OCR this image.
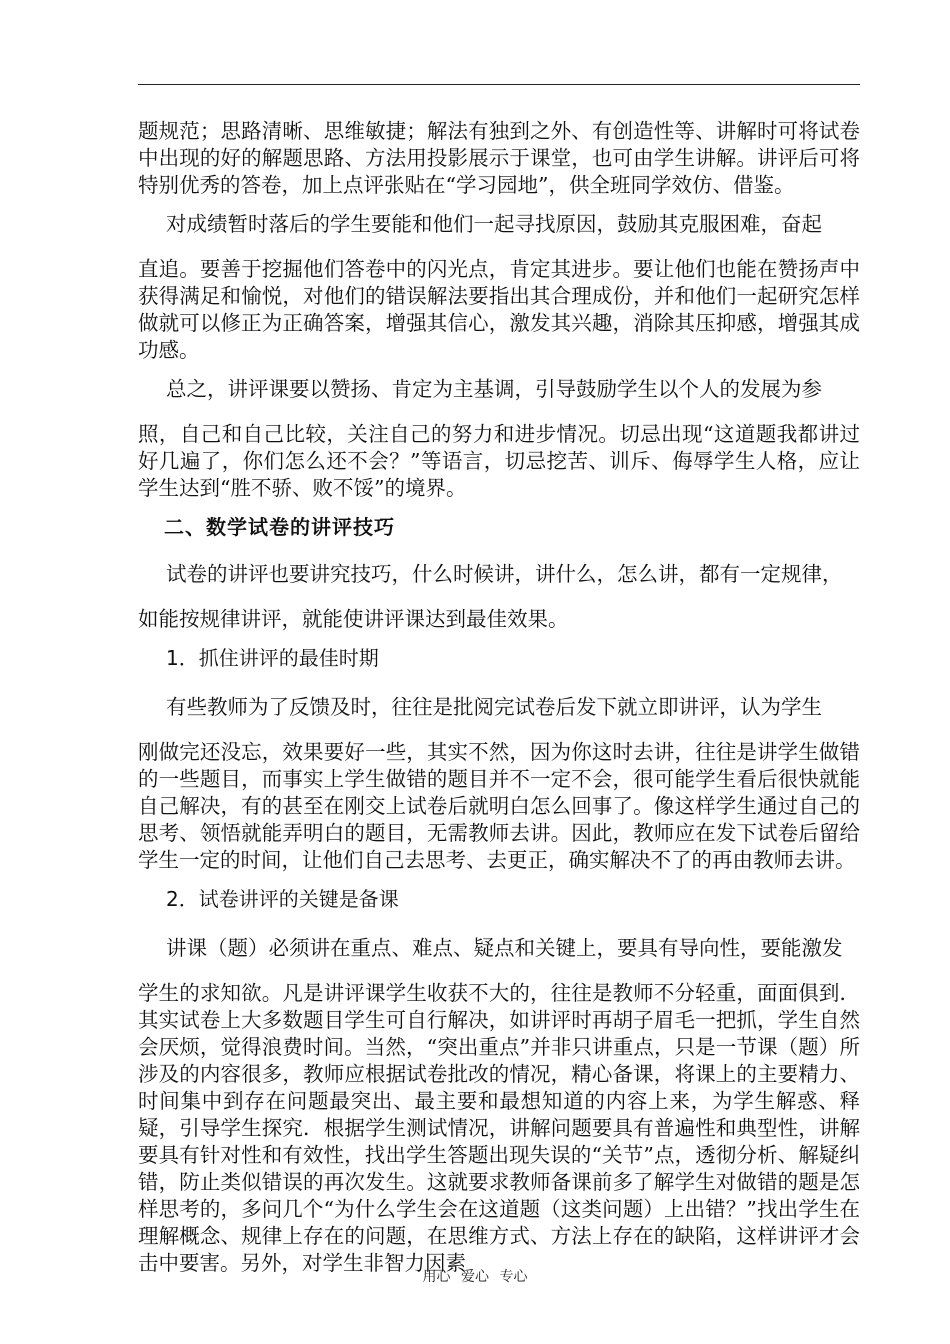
题规范；思路清晰、思维敏捷；解法有独到之外、有创造性等、讲解时可将试卷中出现的好的解题思路、方法用投影展示于课堂，也可由学生讲解。讲评后可将特别优秀的答卷，加上点评张贴在“学习园地”，供全班同学效仿、借鉴。

对成绩暂时落后的学生要能和他们一起寻找原因，鼓励其克服困难，奋起

直追。要善于挖掘他们答卷中的闪光点，肯定其进步。要让他们也能在赞扬声中获得满足和愉悦，对他们的错误解法要指出其合理成份，并和他们一起研究怎样做就可以修正为正确答案，增强其信心，激发其兴趣，消除其压抑感，增强其成功感。

总之，讲评课要以赞扬、肯定为主基调，引导鼓励学生以个人的发展为参

照，自己和自己比较，关注自己的努力和进步情况。切忌出现“这道题我都讲过好几遍了，你们怎么还不会？”等语言，切忌挖苦、训斥、侮辱学生人格，应让学生达到“胜不骄、败不馁”的境界。

二、数学试卷的讲评技巧

试卷的讲评也要讲究技巧，什么时候讲，讲什么，怎么讲，都有一定规律，

如能按规律讲评，就能使讲评课达到最佳效果。

1．抓住讲评的最佳时期

有些教师为了反馈及时，往往是批阅完试卷后发下就立即讲评，认为学生

刚做完还没忘，效果要好一些，其实不然，因为你这时去讲，往往是讲学生做错的一些题目，而事实上学生做错的题目并不一定不会，很可能学生看后很快就能自己解决，有的甚至在刚交上试卷后就明白怎么回事了。像这样学生通过自己的思考、领悟就能弄明白的题目，无需教师去讲。因此，教师应在发下试卷后留给学生一定的时间，让他们自己去思考、去更正，确实解决不了的再由教师去讲。

2．试卷讲评的关键是备课

讲课（题）必须讲在重点、难点、疑点和关键上，要具有导向性，要能激发

学生的求知欲。凡是讲评课学生收获不大的，往往是教师不分轻重，面面俱到．其实试卷上大多数题目学生可自行解决，如讲评时再胡子眉毛一把抓，学生自然会厌烦，觉得浪费时间。当然，“突出重点”并非只讲重点，只是一节课（题）所涉及的内容很多，教师应根据试卷批改的情况，精心备课，将课上的主要精力、时间集中到存在问题最突出、最主要和最想知道的内容上来，为学生解惑、释疑，引导学生探究．根据学生测试情况，讲解问题要具有普遍性和典型性，讲解要具有针对性和有效性，找出学生答题出现失误的“关节”点，透彻分析、解疑纠错，防止类似错误的再次发生。这就要求教师备课前多了解学生对做错的题是怎样思考的，多问几个“为什么学生会在这道题（这类问题）上出错？”找出学生在理解概念、规律上存在的问题，在思维方式、方法上存在的缺陷，这样讲评才会击中要害。另外，对学生非智力因素

用心 爱心 专心
